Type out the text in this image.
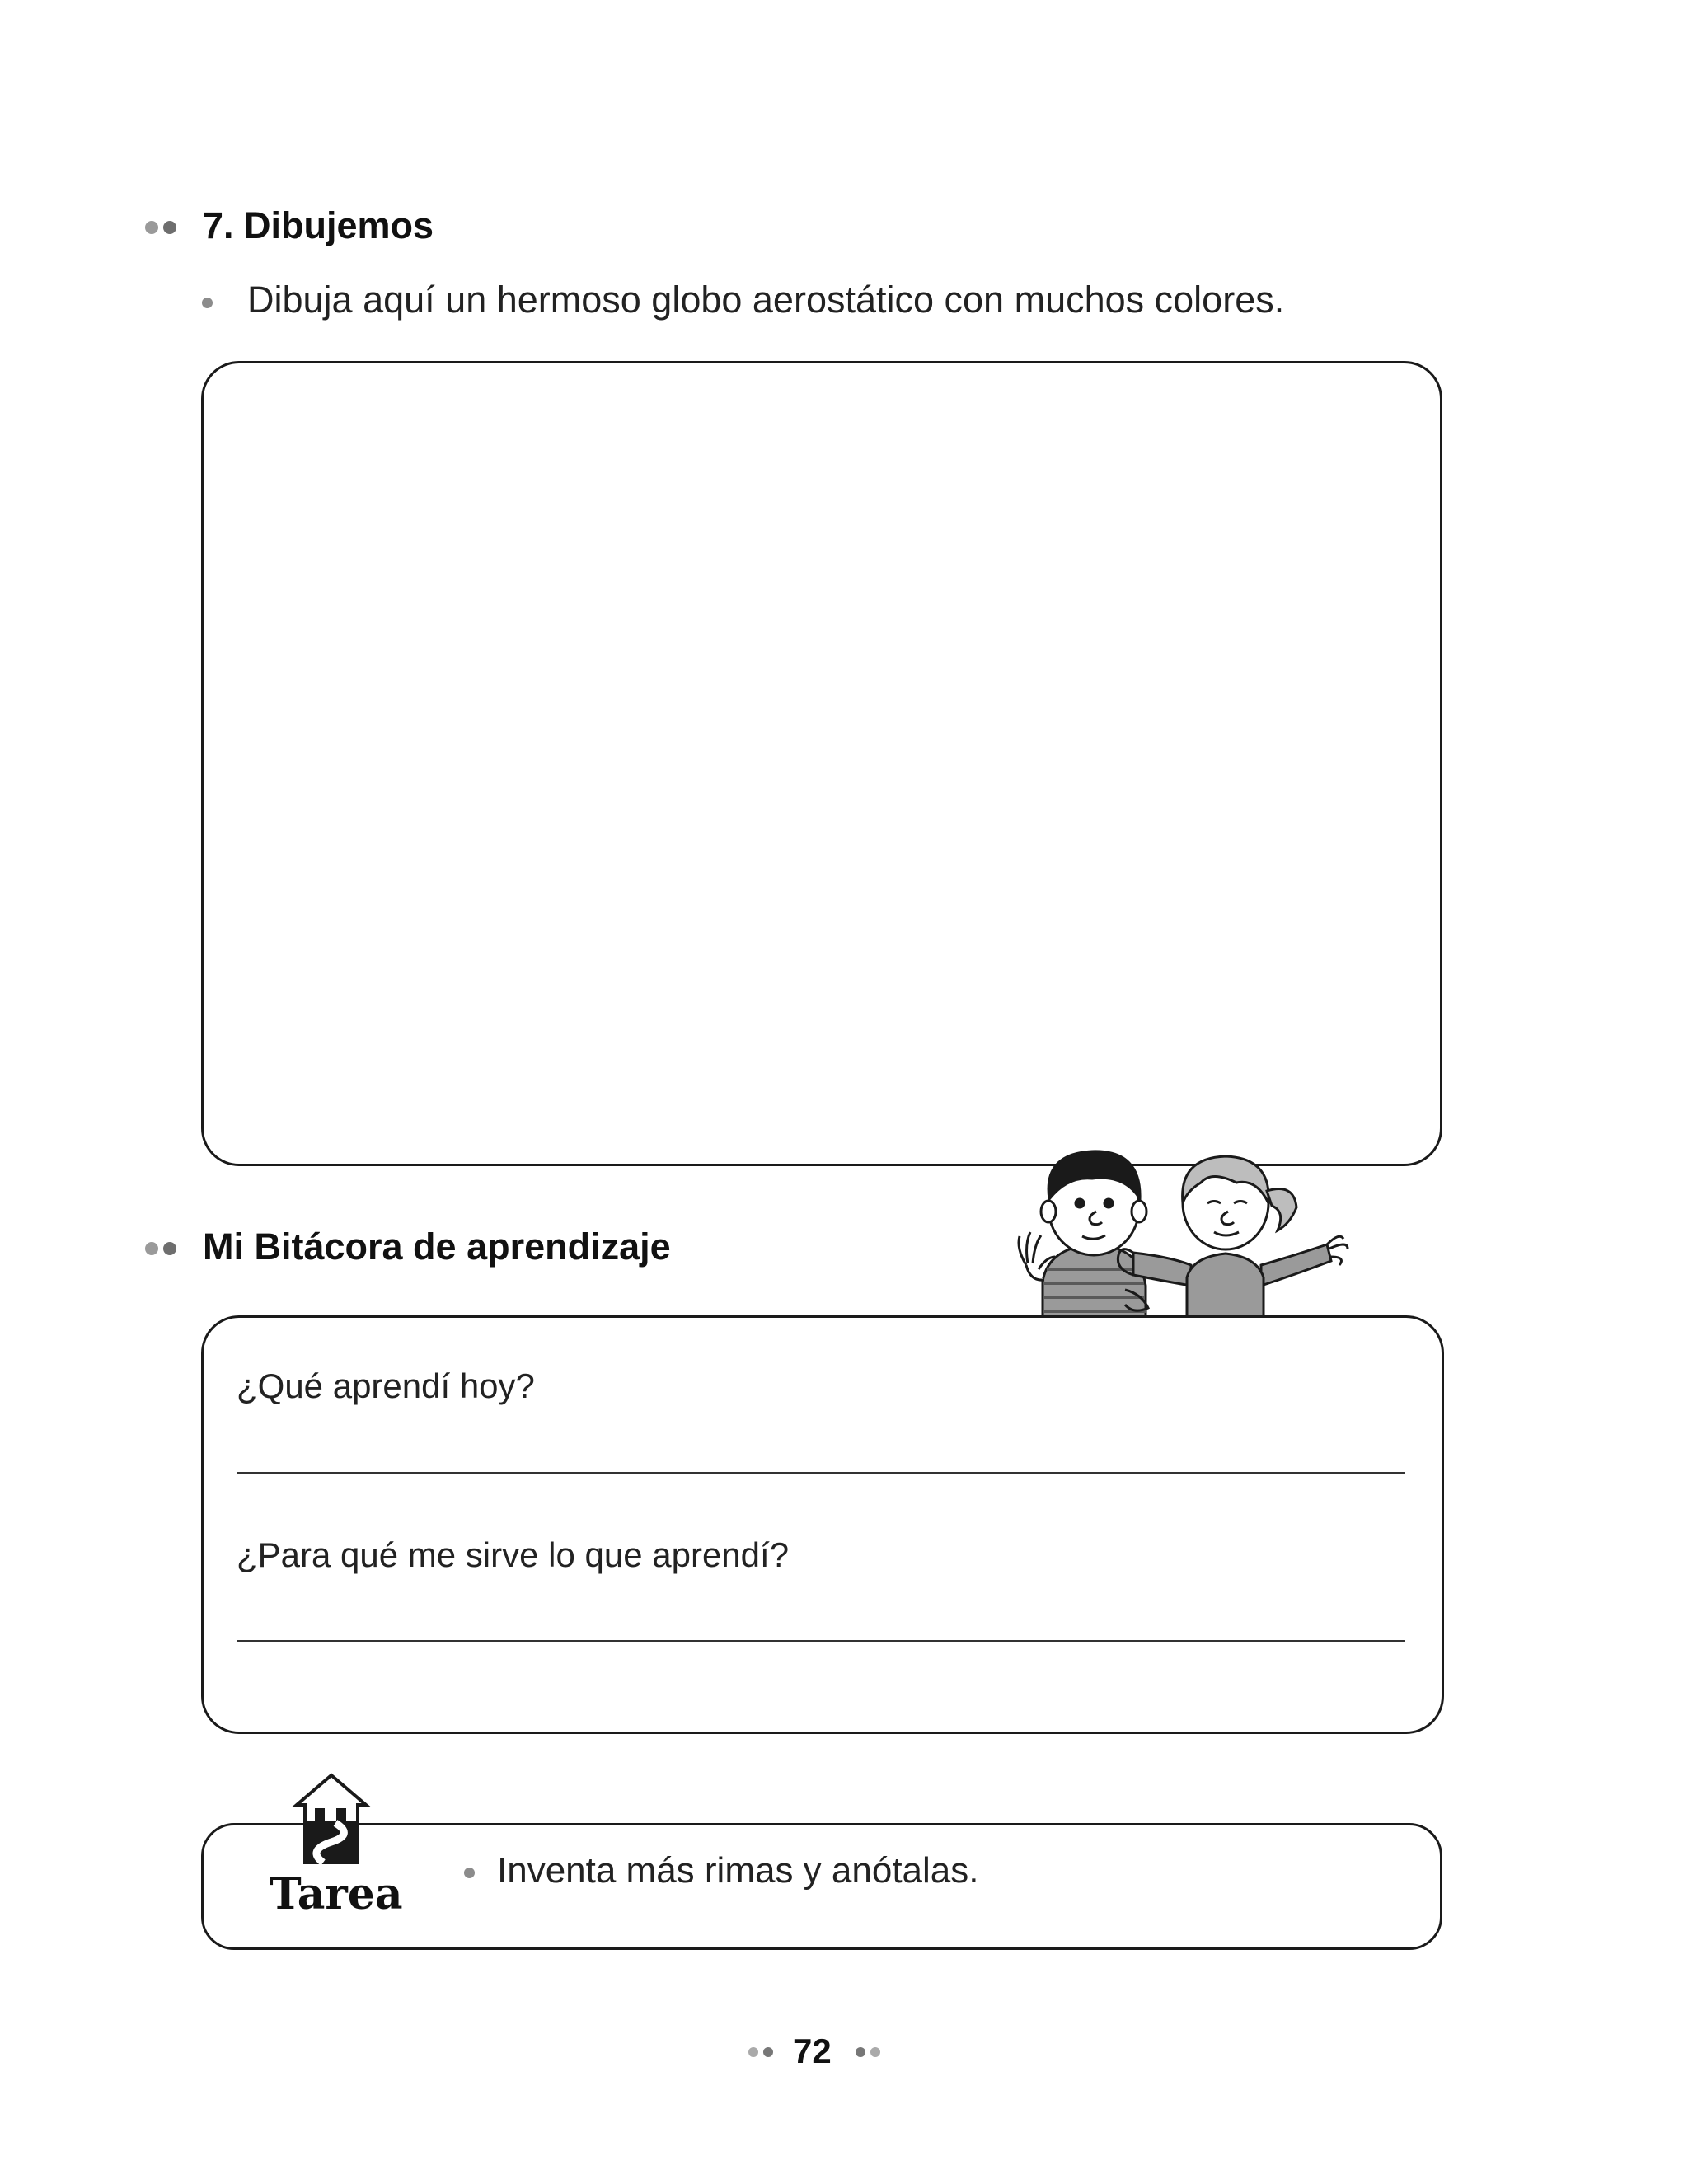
7. Dibujemos
Dibuja aquí un hermoso globo aerostático con muchos colores.
Mi Bitácora de aprendizaje
¿Qué aprendí hoy?
¿Para qué me sirve lo que aprendí?
Tarea	Inventa más rimas y anótalas.
72
